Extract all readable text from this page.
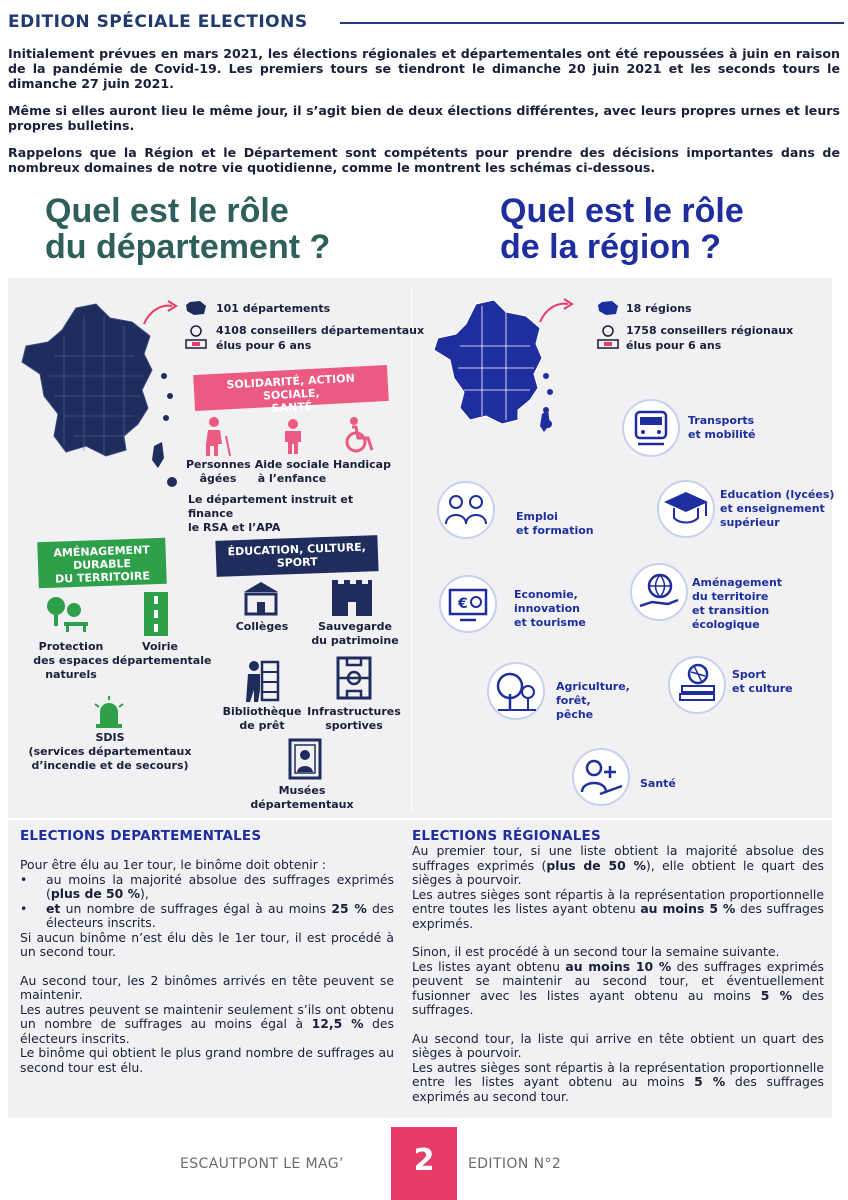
EDITION SPÉCIALE ELECTIONS

Initialement prévues en mars 2021, les élections régionales et départementales ont été repoussées à juin en raison de la pandémie de Covid-19. Les premiers tours se tiendront le dimanche 20 juin 2021 et les seconds tours le dimanche 27 juin 2021.

Même si elles auront lieu le même jour, il s’agit bien de deux élections différentes, avec leurs propres urnes et leurs propres bulletins.

Rappelons que la Région et le Département sont compétents pour prendre des décisions importantes dans de nombreux domaines de notre vie quotidienne, comme le montrent les schémas ci-dessous.

Quel est le rôle
du département ?
Quel est le rôle
de la région ?
101 départements
4108 conseillers départementaux
élus pour 6 ans
SOLIDARITÉ, ACTION SOCIALE,
SANTÉ
Personnes
âgées
Aide sociale
à l’enfance
Handicap
Le département instruit et finance
le RSA et l’APA
AMÉNAGEMENT
DURABLE
DU TERRITOIRE
Protection
des espaces
naturels
Voirie
départementale
SDIS
(services départementaux
d’incendie et de secours)
ÉDUCATION, CULTURE,
SPORT
Collèges	Sauvegarde
du patrimoine
Bibliothèque
de prêt
Infrastructures
sportives
Musées
départementaux
18 régions
1758 conseillers régionaux
élus pour 6 ans
Transports
et mobilité
Emploi
et formation
Education (lycées)
et enseignement
supérieur
€
Economie,
innovation
et tourisme
Aménagement
du territoire
et transition écologique
Agriculture,
forêt,
pêche
Sport
et culture
Santé
ELECTIONS DEPARTEMENTALES

Pour être élu au 1er tour, le binôme doit obtenir :

•	au moins la majorité absolue des suffrages exprimés (plus de 50 %),
•	et un nombre de suffrages égal à au moins 25 % des électeurs inscrits.

Si aucun binôme n’est élu dès le 1er tour, il est procédé à un second tour.

Au second tour, les 2 binômes arrivés en tête peuvent se maintenir.

Les autres peuvent se maintenir seulement s’ils ont obtenu un nombre de suffrages au moins égal à 12,5 % des électeurs inscrits.

Le binôme qui obtient le plus grand nombre de suffrages au second tour est élu.

ELECTIONS RÉGIONALES

Au premier tour, si une liste obtient la majorité absolue des suffrages exprimés (plus de 50 %), elle obtient le quart des sièges à pourvoir.

Les autres sièges sont répartis à la représentation proportionnelle entre toutes les listes ayant obtenu au moins 5 % des suffrages exprimés.

Sinon, il est procédé à un second tour la semaine suivante.

Les listes ayant obtenu au moins 10 % des suffrages exprimés peuvent se maintenir au second tour, et éventuellement fusionner avec les listes ayant obtenu au moins 5 % des suffrages.

Au second tour, la liste qui arrive en tête obtient un quart des sièges à pourvoir.

Les autres sièges sont répartis à la représentation proportionnelle entre les listes ayant obtenu au moins 5 % des suffrages exprimés au second tour.

ESCAUTPONT LE MAG’	2	EDITION N°2
